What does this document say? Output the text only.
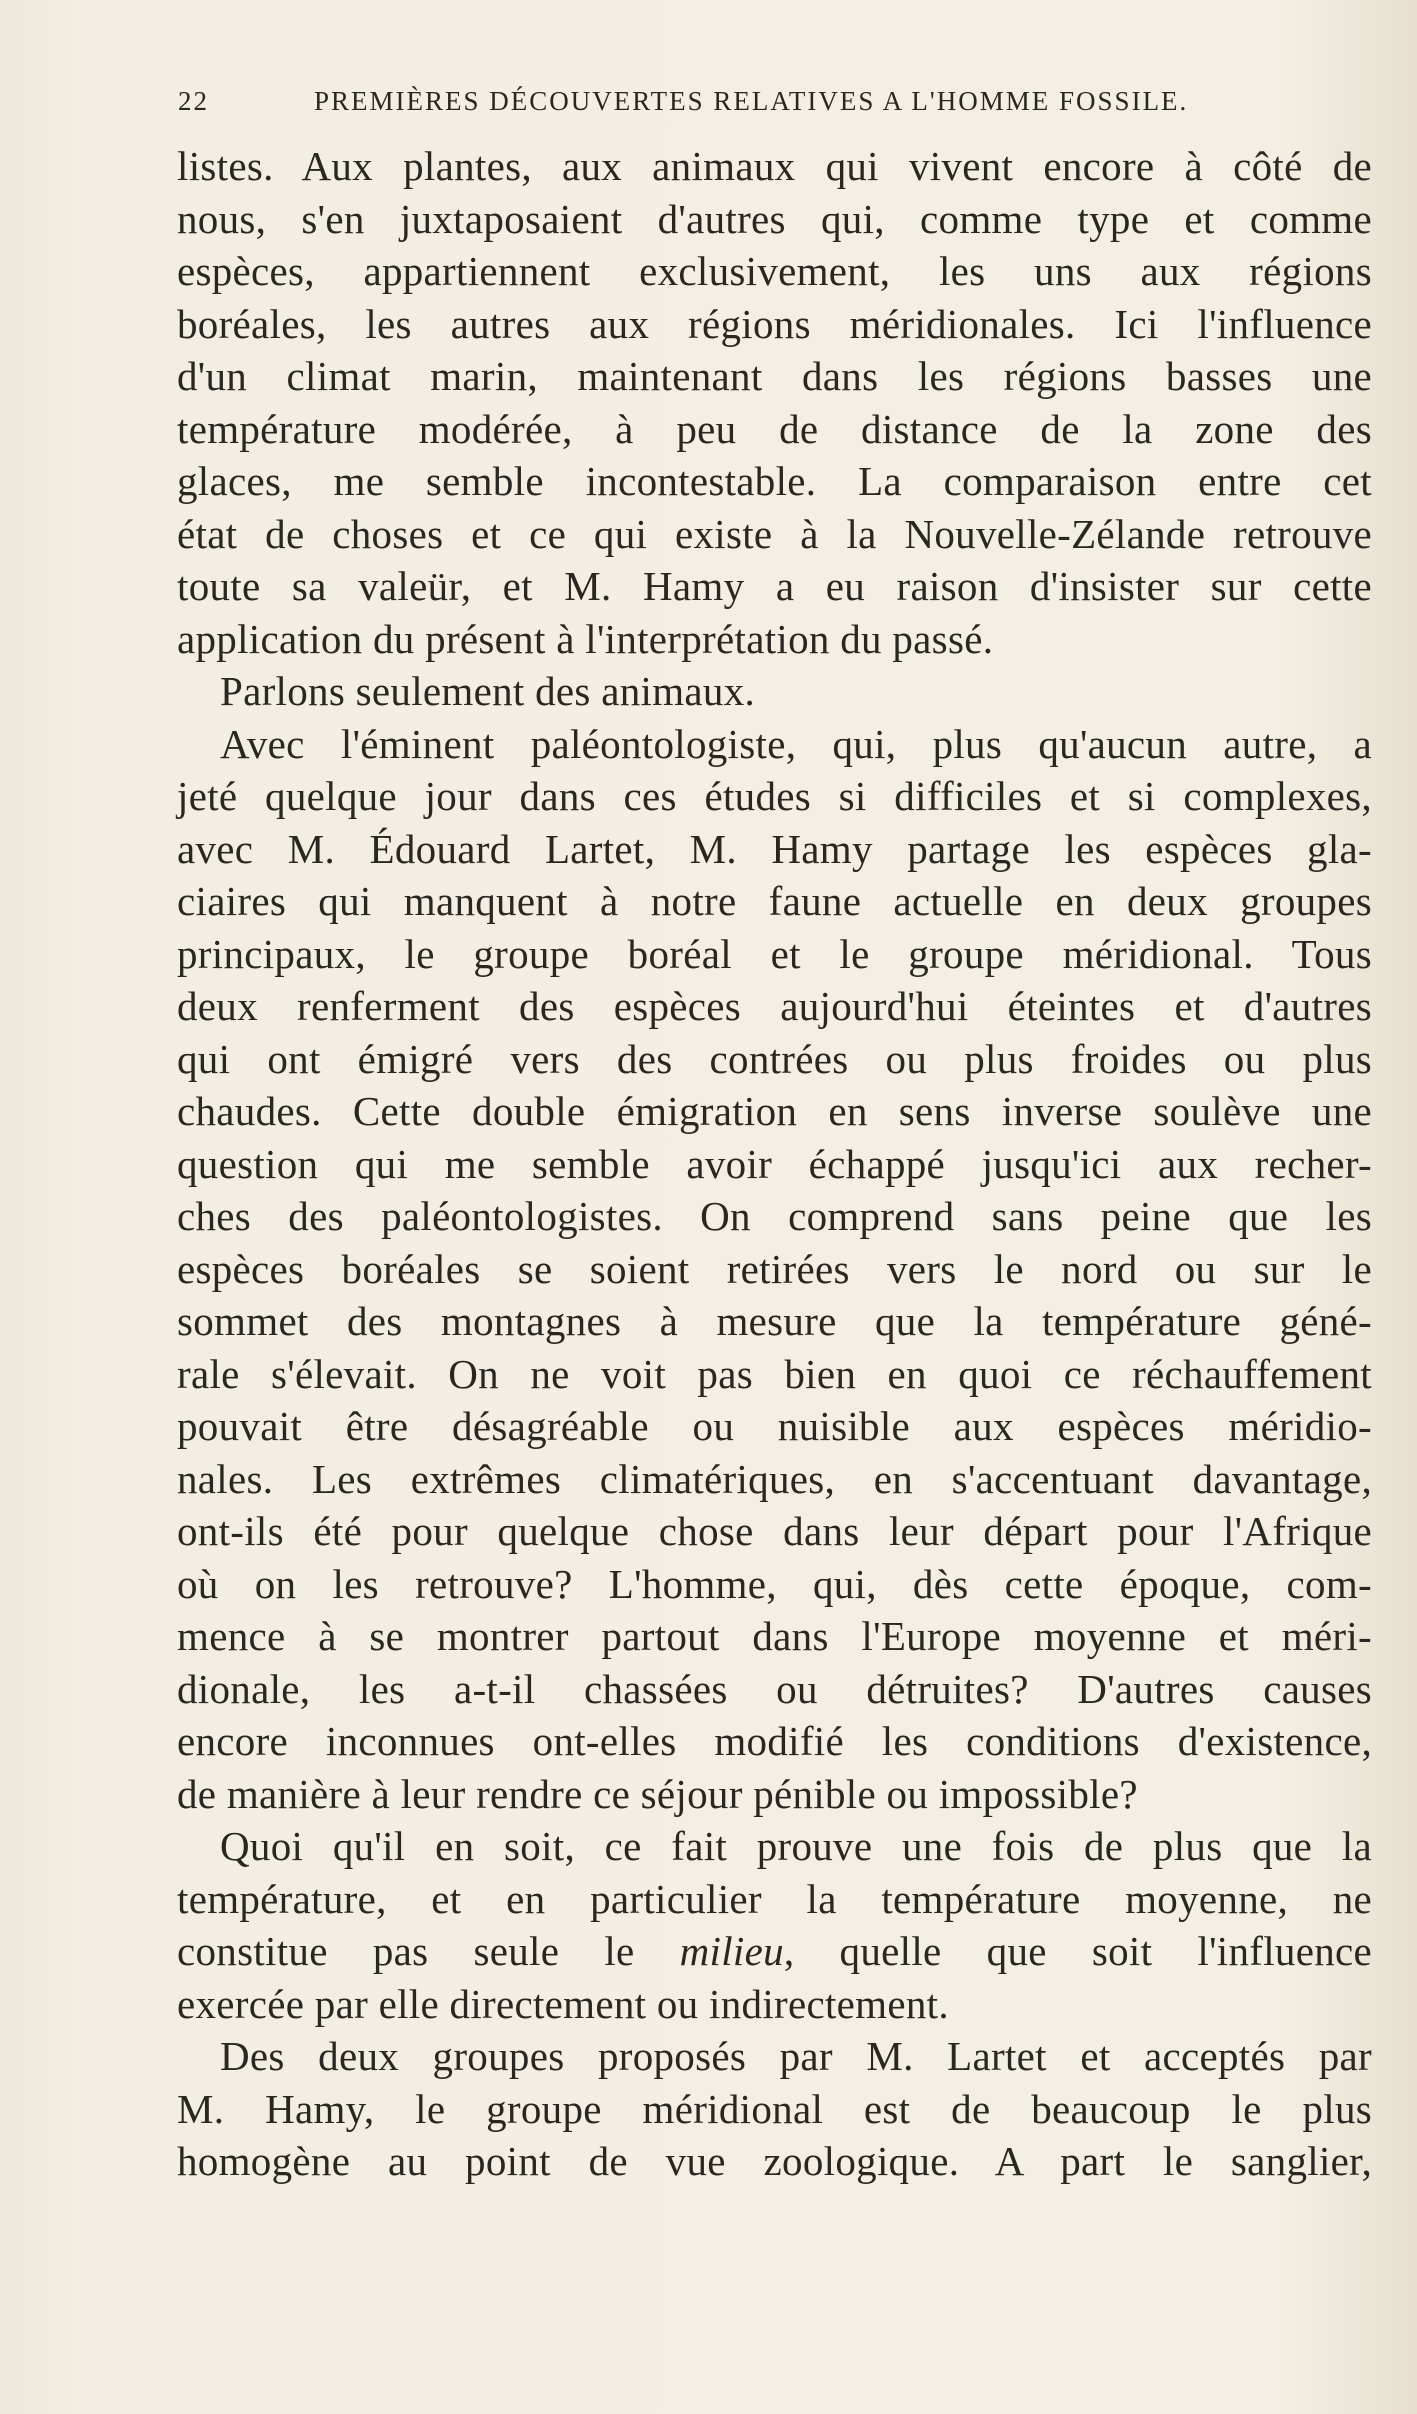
22	PREMIÈRES DÉCOUVERTES RELATIVES A L'HOMME FOSSILE.
listes. Aux plantes, aux animaux qui vivent encore à côté de
nous, s'en juxtaposaient d'autres qui, comme type et comme
espèces, appartiennent exclusivement, les uns aux régions
boréales, les autres aux régions méridionales. Ici l'influence
d'un climat marin, maintenant dans les régions basses une
température modérée, à peu de distance de la zone des
glaces, me semble incontestable. La comparaison entre cet
état de choses et ce qui existe à la Nouvelle-Zélande retrouve
toute sa valeür, et M. Hamy a eu raison d'insister sur cette
application du présent à l'interprétation du passé.
Parlons seulement des animaux.
Avec l'éminent paléontologiste, qui, plus qu'aucun autre, a
jeté quelque jour dans ces études si difficiles et si complexes,
avec M. Édouard Lartet, M. Hamy partage les espèces gla-
ciaires qui manquent à notre faune actuelle en deux groupes
principaux, le groupe boréal et le groupe méridional. Tous
deux renferment des espèces aujourd'hui éteintes et d'autres
qui ont émigré vers des contrées ou plus froides ou plus
chaudes. Cette double émigration en sens inverse soulève une
question qui me semble avoir échappé jusqu'ici aux recher-
ches des paléontologistes. On comprend sans peine que les
espèces boréales se soient retirées vers le nord ou sur le
sommet des montagnes à mesure que la température géné-
rale s'élevait. On ne voit pas bien en quoi ce réchauffement
pouvait être désagréable ou nuisible aux espèces méridio-
nales. Les extrêmes climatériques, en s'accentuant davantage,
ont-ils été pour quelque chose dans leur départ pour l'Afrique
où on les retrouve? L'homme, qui, dès cette époque, com-
mence à se montrer partout dans l'Europe moyenne et méri-
dionale, les a-t-il chassées ou détruites? D'autres causes
encore inconnues ont-elles modifié les conditions d'existence,
de manière à leur rendre ce séjour pénible ou impossible?
Quoi qu'il en soit, ce fait prouve une fois de plus que la
température, et en particulier la température moyenne, ne
constitue pas seule le milieu, quelle que soit l'influence
exercée par elle directement ou indirectement.
Des deux groupes proposés par M. Lartet et acceptés par
M. Hamy, le groupe méridional est de beaucoup le plus
homogène au point de vue zoologique. A part le sanglier,
